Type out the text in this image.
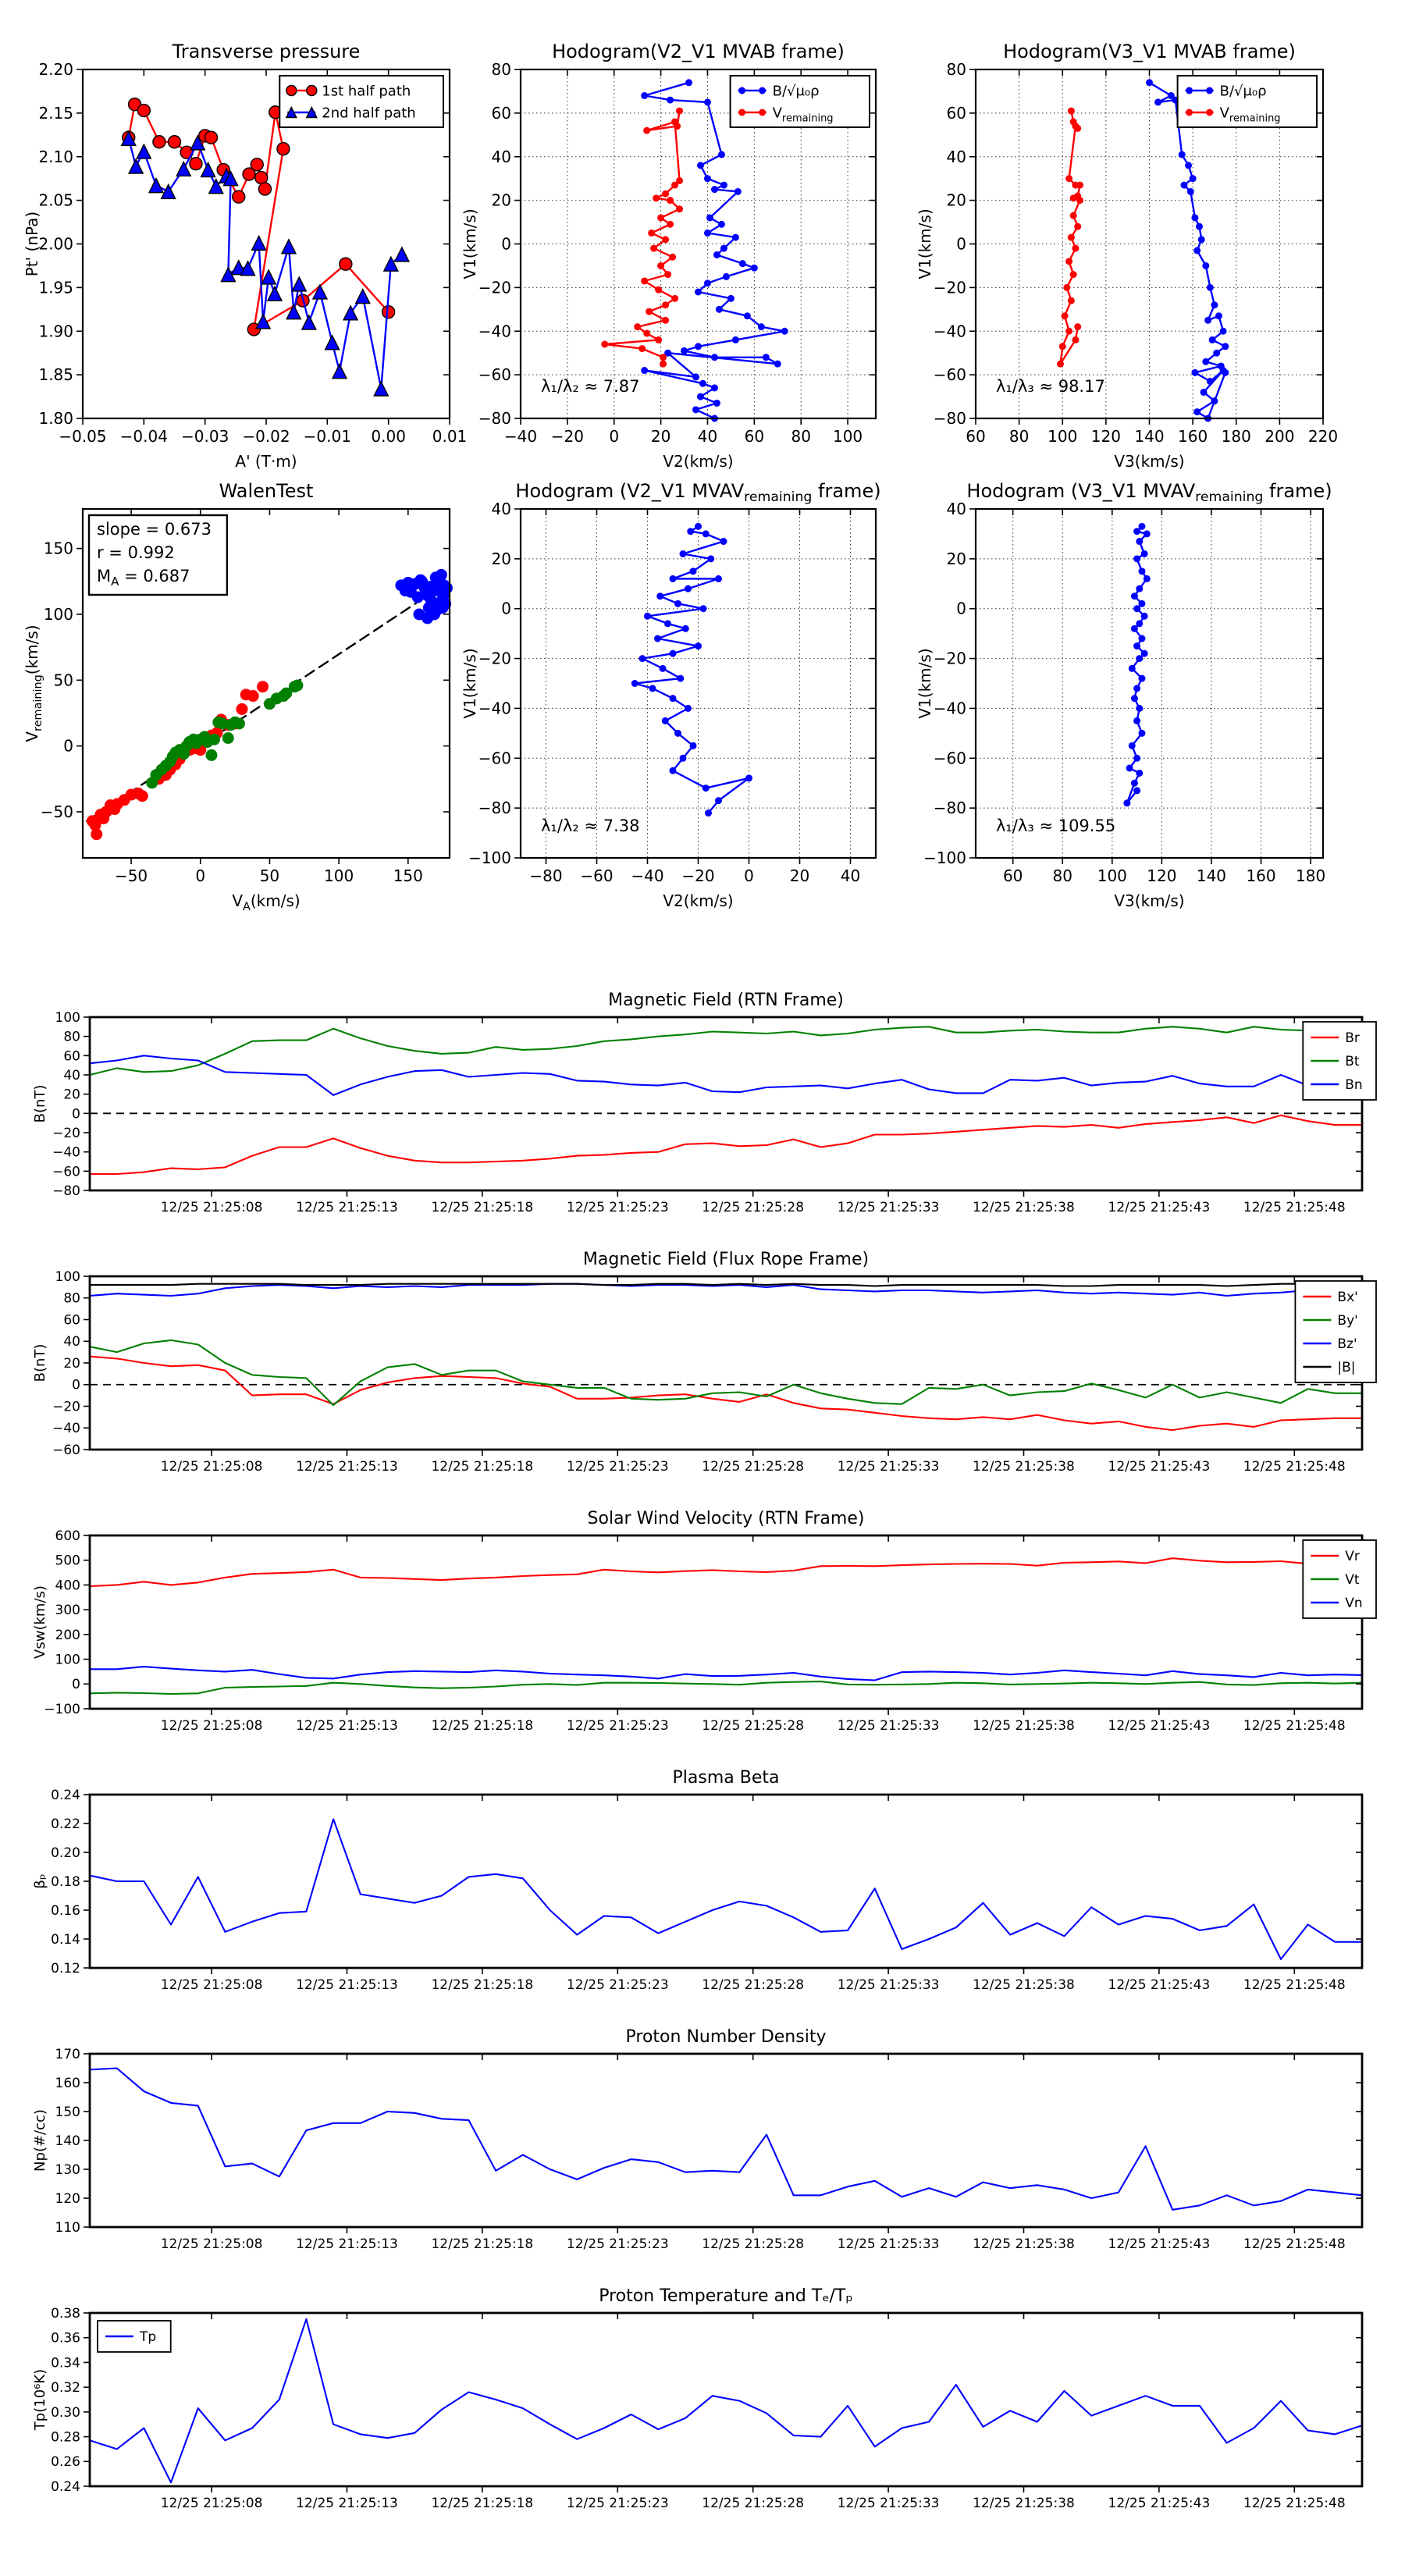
−0.05 −0.04 −0.03 −0.02 −0.01 0.00 0.01
1.80
1.85
1.90
1.95
2.00
2.05
2.10
2.15
2.20
Transverse pressure
A' (T·m)
Pt' (nPa)
1st half path
2nd half path
−40 −20 0 20 40 60 80 100
−80
−60
−40
−20
0
20
40
60
80
Hodogram(V2_V1 MVAB frame)
V2(km/s)
V1(km/s)
λ₁/λ₂ ≈ 7.87
B/√μ₀ρ
$V_{remaining}$
60 80 100 120 140 160 180 200 220
−80
−60
−40
−20
0
20
40
60
80
Hodogram(V3_V1 MVAB frame)
V3(km/s)
V1(km/s)
λ₁/λ₃ ≈ 98.17
B/√μ₀ρ
$V_{remaining}$
−50	0	50	100	150
−50
0
50
100
150
WalenTest
$V_A(km/s)$
$V_{remaining}(km/s)$
slope = 0.673
r = 0.992
$M_A = 0.687$
−80 −60 −40 −20 0 20 40
−100
−80
−60
−40
−20
0
20
40
Hodogram (V2_V1 $MVAV_{remaining}$ frame)
V2(km/s)
V1(km/s)
λ₁/λ₂ ≈ 7.38
60 80 100 120 140 160 180
−100
−80
−60
−40
−20
0
20
40
Hodogram (V3_V1 $MVAV_{remaining}$ frame)
V3(km/s)
V1(km/s)
λ₁/λ₃ ≈ 109.55
12/25 21:25:08	12/25 21:25:13	12/25 21:25:18	12/25 21:25:23	12/25 21:25:28	12/25 21:25:33	12/25 21:25:38	12/25 21:25:43	12/25 21:25:48
−80
−60
−40
−20
0
20
40
60
80
100
Magnetic Field (RTN Frame)
B(nT)
Br
Bt
Bn
12/25 21:25:08	12/25 21:25:13	12/25 21:25:18	12/25 21:25:23	12/25 21:25:28	12/25 21:25:33	12/25 21:25:38	12/25 21:25:43	12/25 21:25:48
−60
−40
−20
0
20
40
60
80
100
Magnetic Field (Flux Rope Frame)
B(nT)
Bx'
By'
Bz'
|B|
12/25 21:25:08	12/25 21:25:13	12/25 21:25:18	12/25 21:25:23	12/25 21:25:28	12/25 21:25:33	12/25 21:25:38	12/25 21:25:43	12/25 21:25:48
−100
0
100
200
300
400
500
600
Solar Wind Velocity (RTN Frame)
Vsw(km/s)
Vr
Vt
Vn
12/25 21:25:08	12/25 21:25:13	12/25 21:25:18	12/25 21:25:23	12/25 21:25:28	12/25 21:25:33	12/25 21:25:38	12/25 21:25:43	12/25 21:25:48
0.12
0.14
0.16
0.18
0.20
0.22
0.24
Plasma Beta
βₚ
12/25 21:25:08	12/25 21:25:13	12/25 21:25:18	12/25 21:25:23	12/25 21:25:28	12/25 21:25:33	12/25 21:25:38	12/25 21:25:43	12/25 21:25:48
110
120
130
140
150
160
170
Proton Number Density
Np(#/cc)
12/25 21:25:08	12/25 21:25:13	12/25 21:25:18	12/25 21:25:23	12/25 21:25:28	12/25 21:25:33	12/25 21:25:38	12/25 21:25:43	12/25 21:25:48
0.24
0.26
0.28
0.30
0.32
0.34
0.36
0.38
Proton Temperature and Tₑ/Tₚ
Tp(10⁶K)
Tp
